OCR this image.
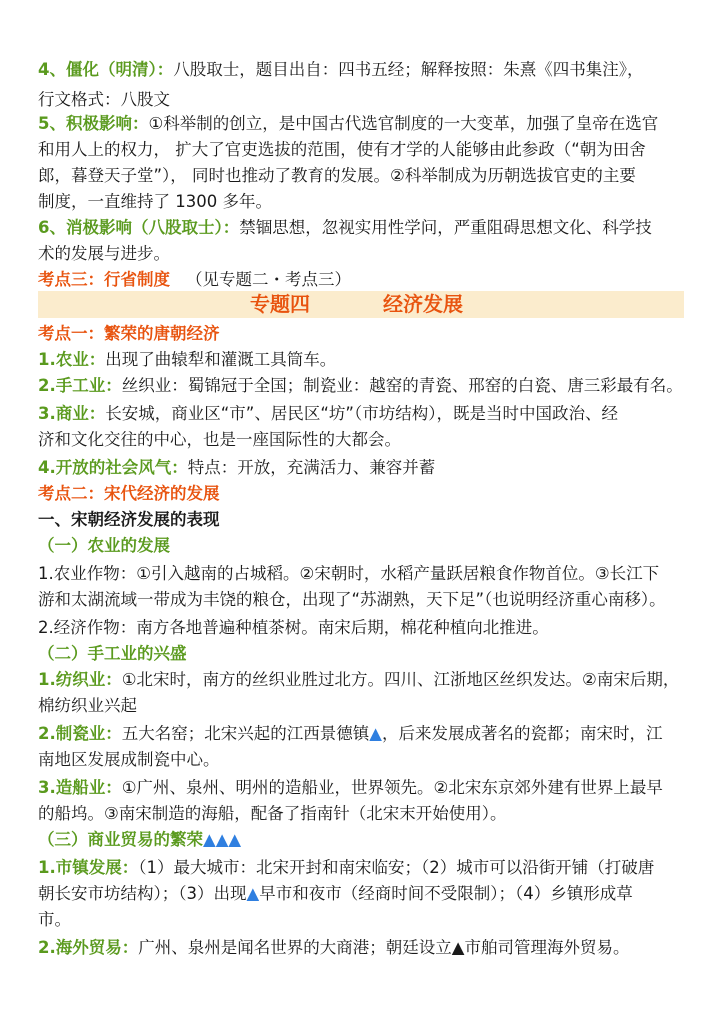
4、僵化（明清）：八股取士，题目出自：四书五经；解释按照：朱熹《四书集注》，
行文格式：八股文
5、积极影响：①科举制的创立，是中国古代选官制度的一大变革，加强了皇帝在选官
和用人上的权力， 扩大了官吏选拔的范围，使有才学的人能够由此参政（“朝为田舍
郎，暮登天子堂”）， 同时也推动了教育的发展。②科举制成为历朝选拔官吏的主要
制度，一直维持了 1300 多年。
6、消极影响（八股取士）：禁锢思想，忽视实用性学问，严重阻碍思想文化、科学技
术的发展与进步。
考点三：行省制度 （见专题二・考点三）
专题四	经济发展
考点一：繁荣的唐朝经济
1.农业：出现了曲辕犁和灌溉工具筒车。
2.手工业：丝织业：蜀锦冠于全国；制瓷业：越窑的青瓷、邢窑的白瓷、唐三彩最有名。
3.商业：长安城，商业区“市”、居民区“坊”（市坊结构），既是当时中国政治、经
济和文化交往的中心，也是一座国际性的大都会。
4.开放的社会风气：特点：开放，充满活力、兼容并蓄
考点二：宋代经济的发展
一、宋朝经济发展的表现
（一）农业的发展
1.农业作物：①引入越南的占城稻。②宋朝时，水稻产量跃居粮食作物首位。③长江下
游和太湖流域一带成为丰饶的粮仓，出现了“苏湖熟，天下足”（也说明经济重心南移）。
2.经济作物：南方各地普遍种植茶树。南宋后期，棉花种植向北推进。
（二）手工业的兴盛
1.纺织业：①北宋时，南方的丝织业胜过北方。四川、江浙地区丝织发达。②南宋后期，
棉纺织业兴起
2.制瓷业：五大名窑；北宋兴起的江西景德镇▲，后来发展成著名的瓷都；南宋时，江
南地区发展成制瓷中心。
3.造船业：①广州、泉州、明州的造船业，世界领先。②北宋东京郊外建有世界上最早
的船坞。③南宋制造的海船，配备了指南针（北宋末开始使用）。
（三）商业贸易的繁荣▲▲▲
1.市镇发展：（1）最大城市：北宋开封和南宋临安；（2）城市可以沿街开铺（打破唐
朝长安市坊结构）；（3）出现▲早市和夜市（经商时间不受限制）；（4）乡镇形成草
市。
2.海外贸易：广州、泉州是闻名世界的大商港；朝廷设立▲市舶司管理海外贸易。
